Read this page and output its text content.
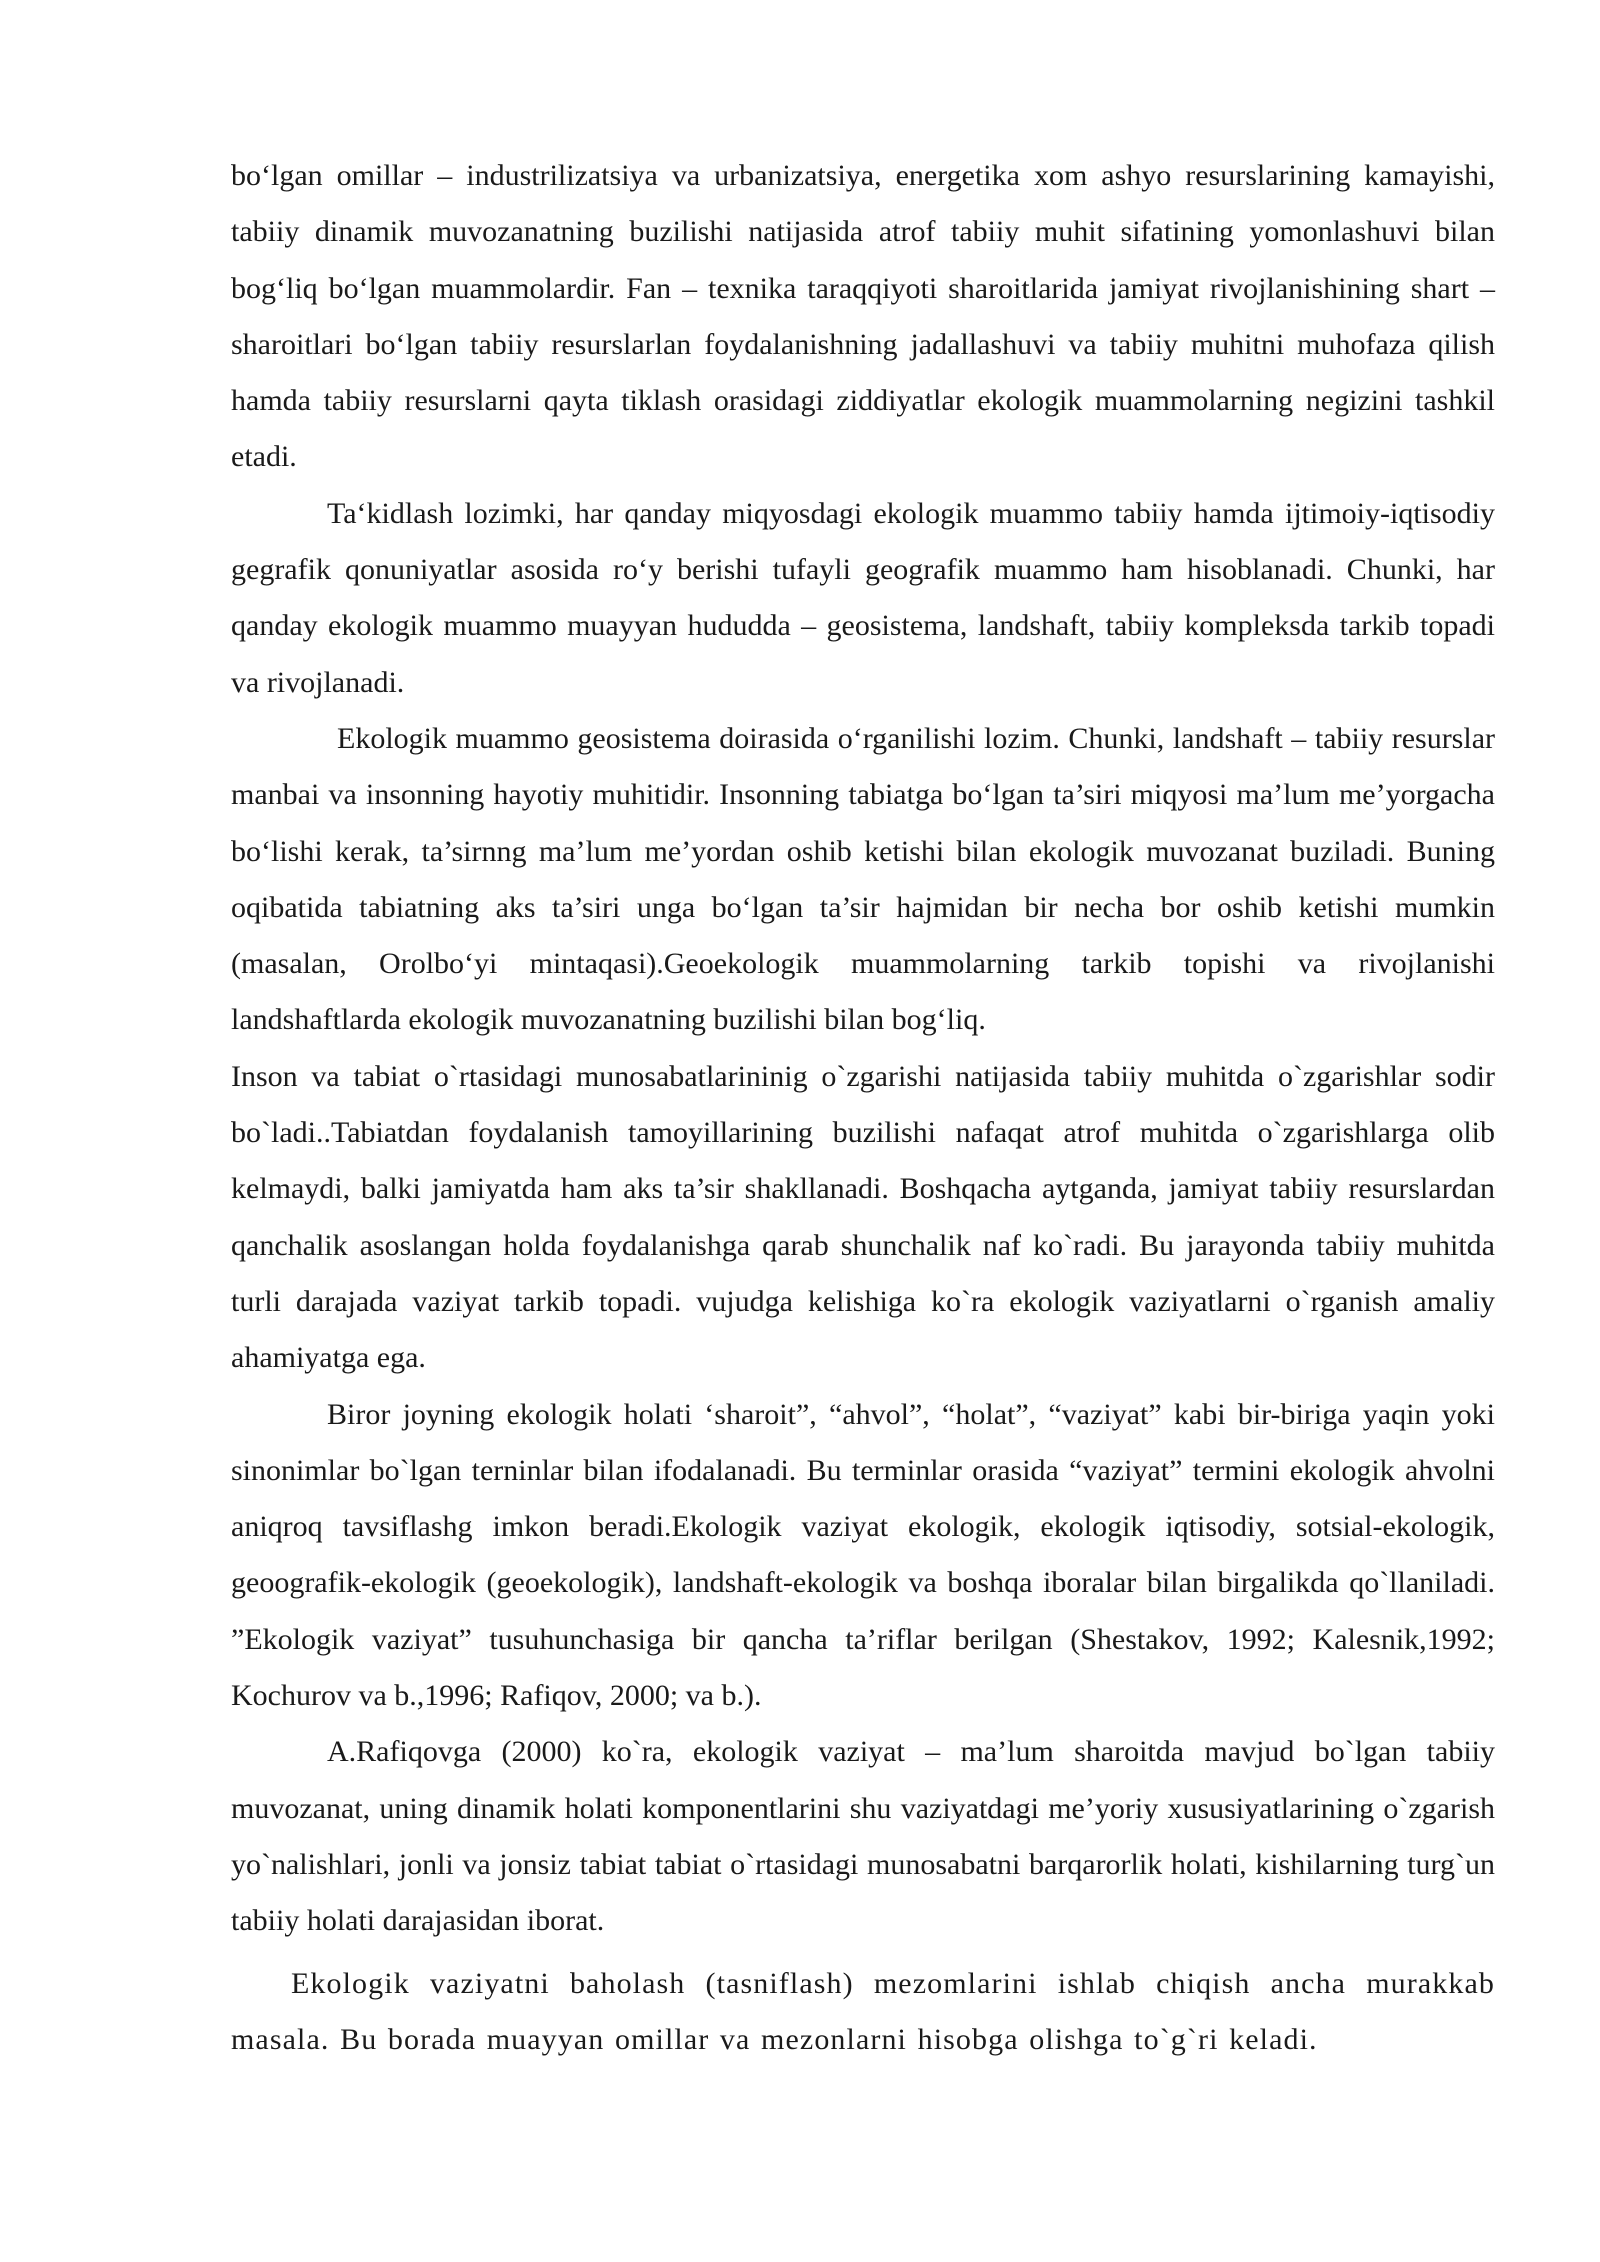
bo‘lgan omillar – industrilizatsiya va urbanizatsiya, energetika xom ashyo resurslarining kamayishi, tabiiy dinamik muvozanatning buzilishi natijasida atrof tabiiy muhit sifatining yomonlashuvi bilan bog‘liq bo‘lgan muammolardir. Fan – texnika taraqqiyoti sharoitlarida jamiyat rivojlanishining shart – sharoitlari bo‘lgan tabiiy resurslarlan foydalanishning jadallashuvi va tabiiy muhitni muhofaza qilish hamda tabiiy resurslarni qayta tiklash orasidagi ziddiyatlar ekologik muammolarning negizini tashkil etadi.

Ta‘kidlash lozimki, har qanday miqyosdagi ekologik muammo tabiiy hamda ijtimoiy-iqtisodiy gegrafik qonuniyatlar asosida ro‘y berishi tufayli geografik muammo ham hisoblanadi. Chunki, har qanday ekologik muammo muayyan hududda – geosistema, landshaft, tabiiy kompleksda tarkib topadi va rivojlanadi.

Ekologik muammo geosistema doirasida o‘rganilishi lozim. Chunki, landshaft – tabiiy resurslar manbai va insonning hayotiy muhitidir. Insonning tabiatga bo‘lgan ta’siri miqyosi ma’lum me’yorgacha bo‘lishi kerak, ta’sirnng ma’lum me’yordan oshib ketishi bilan ekologik muvozanat buziladi. Buning oqibatida tabiatning aks ta’siri unga bo‘lgan ta’sir hajmidan bir necha bor oshib ketishi mumkin (masalan, Orolbo‘yi mintaqasi).Geoekologik muammolarning tarkib topishi va rivojlanishi landshaftlarda ekologik muvozanatning buzilishi bilan bog‘liq.

Inson va tabiat o`rtasidagi munosabatlarininig o`zgarishi natijasida tabiiy muhitda o`zgarishlar sodir bo`ladi..Tabiatdan foydalanish tamoyillarining buzilishi nafaqat atrof muhitda o`zgarishlarga olib kelmaydi, balki jamiyatda ham aks ta’sir shakllanadi. Boshqacha aytganda, jamiyat tabiiy resurslardan qanchalik asoslangan holda foydalanishga qarab shunchalik naf ko`radi. Bu jarayonda tabiiy muhitda turli darajada vaziyat tarkib topadi. vujudga kelishiga ko`ra ekologik vaziyatlarni o`rganish amaliy ahamiyatga ega.

Biror joyning ekologik holati ‘sharoit”, “ahvol”, “holat”, “vaziyat” kabi bir-biriga yaqin yoki sinonimlar bo`lgan terninlar bilan ifodalanadi. Bu terminlar orasida “vaziyat” termini ekologik ahvolni aniqroq tavsiflashg imkon beradi.Ekologik vaziyat ekologik, ekologik iqtisodiy, sotsial-ekologik, geoografik-ekologik (geoekologik), landshaft-ekologik va boshqa iboralar bilan birgalikda qo`llaniladi. ”Ekologik vaziyat” tusuhunchasiga bir qancha ta’riflar berilgan (Shestakov, 1992; Kalesnik,1992; Kochurov va b.,1996; Rafiqov, 2000; va b.).

A.Rafiqovga (2000) ko`ra, ekologik vaziyat – ma’lum sharoitda mavjud bo`lgan tabiiy muvozanat, uning dinamik holati komponentlarini shu vaziyatdagi me’yoriy xususiyatlarining o`zgarish yo`nalishlari, jonli va jonsiz tabiat tabiat o`rtasidagi munosabatni barqarorlik holati, kishilarning turg`un tabiiy holati darajasidan iborat.

Ekologik vaziyatni baholash (tasniflash) mezomlarini ishlab chiqish ancha murakkab masala. Bu borada muayyan omillar va mezonlarni hisobga olishga to`g`ri keladi.
